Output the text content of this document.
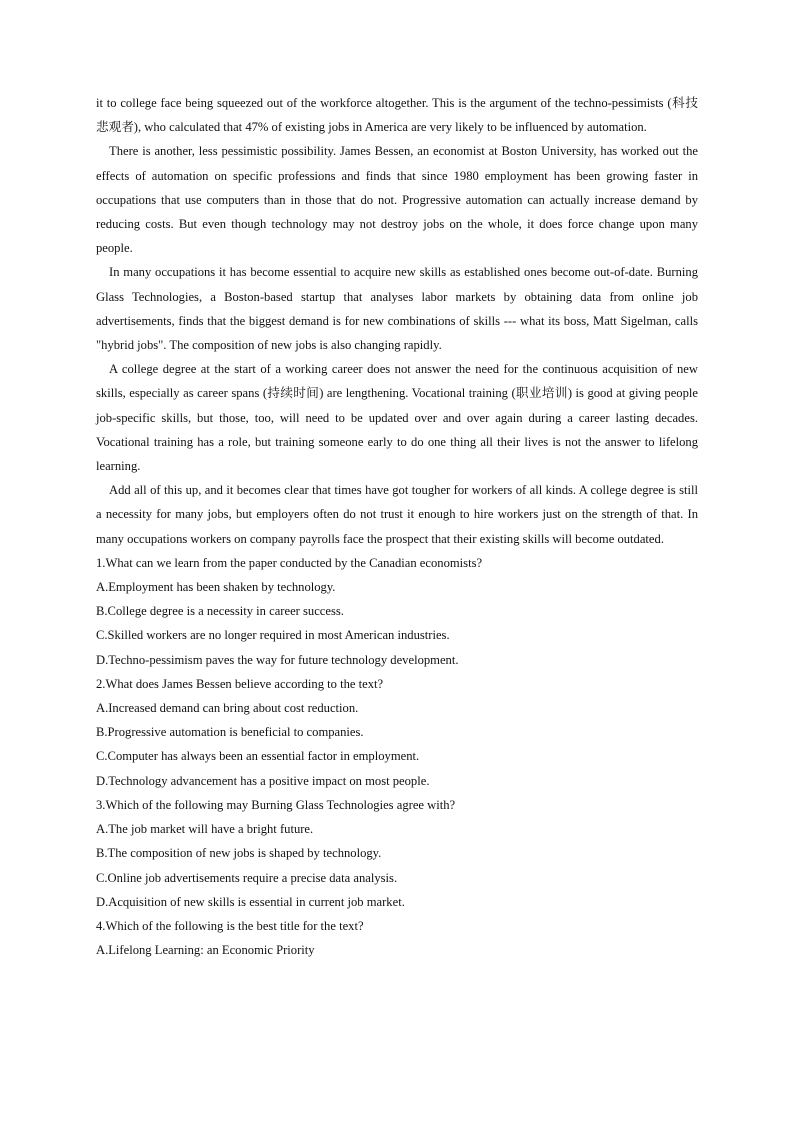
it to college face being squeezed out of the workforce altogether. This is the argument of the techno-pessimists (科技悲观者), who calculated that 47% of existing jobs in America are very likely to be influenced by automation.

There is another, less pessimistic possibility. James Bessen, an economist at Boston University, has worked out the effects of automation on specific professions and finds that since 1980 employment has been growing faster in occupations that use computers than in those that do not. Progressive automation can actually increase demand by reducing costs. But even though technology may not destroy jobs on the whole, it does force change upon many people.

In many occupations it has become essential to acquire new skills as established ones become out-of-date. Burning Glass Technologies, a Boston-based startup that analyses labor markets by obtaining data from online job advertisements, finds that the biggest demand is for new combinations of skills --- what its boss, Matt Sigelman, calls "hybrid jobs". The composition of new jobs is also changing rapidly.

A college degree at the start of a working career does not answer the need for the continuous acquisition of new skills, especially as career spans (持续时间) are lengthening. Vocational training (职业培训) is good at giving people job-specific skills, but those, too, will need to be updated over and over again during a career lasting decades. Vocational training has a role, but training someone early to do one thing all their lives is not the answer to lifelong learning.

Add all of this up, and it becomes clear that times have got tougher for workers of all kinds. A college degree is still a necessity for many jobs, but employers often do not trust it enough to hire workers just on the strength of that. In many occupations workers on company payrolls face the prospect that their existing skills will become outdated.

1.What can we learn from the paper conducted by the Canadian economists?

A.Employment has been shaken by technology.

B.College degree is a necessity in career success.

C.Skilled workers are no longer required in most American industries.

D.Techno-pessimism paves the way for future technology development.

2.What does James Bessen believe according to the text?

A.Increased demand can bring about cost reduction.

B.Progressive automation is beneficial to companies.

C.Computer has always been an essential factor in employment.

D.Technology advancement has a positive impact on most people.

3.Which of the following may Burning Glass Technologies agree with?

A.The job market will have a bright future.

B.The composition of new jobs is shaped by technology.

C.Online job advertisements require a precise data analysis.

D.Acquisition of new skills is essential in current job market.

4.Which of the following is the best title for the text?

A.Lifelong Learning: an Economic Priority
